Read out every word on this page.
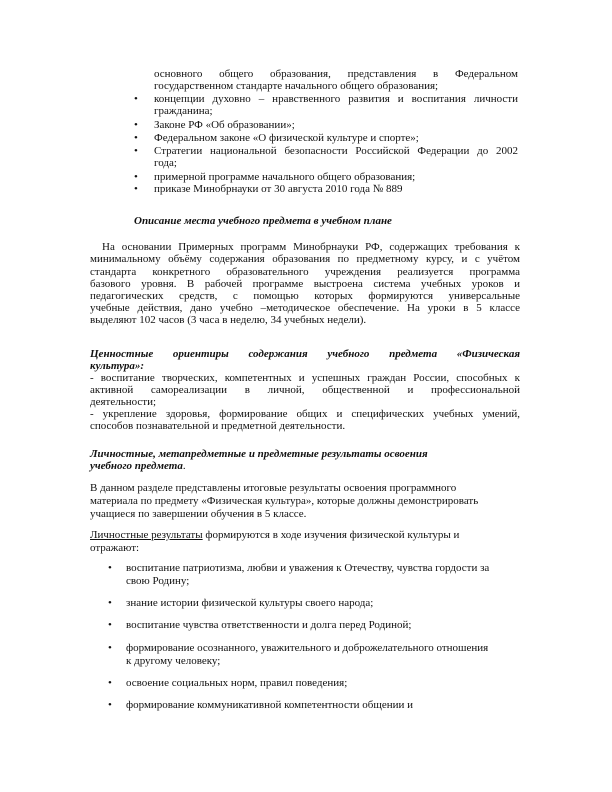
основного общего образования, представления в Федеральном
государственном стандарте начального общего образования;
• концепции духовно – нравственного развития и воспитания личности
гражданина;
• Законе РФ «Об образовании»;
• Федеральном законе «О физической культуре и спорте»;
• Стратегии национальной безопасности Российской Федерации до 2002
года;
• примерной программе начального общего образования;
• приказе Минобрнауки от 30 августа 2010 года № 889
Описание места учебного предмета в учебном плане
На основании Примерных программ Минобрнауки РФ, содержащих требования к
минимальному объёму содержания образования по предметному курсу, и с учётом
стандарта конкретного образовательного учреждения реализуется программа
базового уровня. В рабочей программе выстроена система учебных уроков и
педагогических средств, с помощью которых формируются универсальные
учебные действия, дано учебно –методическое обеспечение. На уроки в 5 классе
выделяют 102 часов (3 часа в неделю, 34 учебных недели).
Ценностные ориентиры содержания учебного предмета «Физическая
культура»:
- воспитание творческих, компетентных и успешных граждан России, способных к
активной самореализации в личной, общественной и профессиональной
деятельности;
- укрепление здоровья, формирование общих и специфических учебных умений,
способов познавательной и предметной деятельности.
Личностные, метапредметные и предметные результаты освоения
учебного предмета.
В данном разделе представлены итоговые результаты освоения программного
материала по предмету «Физическая культура», которые должны демонстрировать
учащиеся по завершении обучения в 5 классе.
Личностные результаты формируются в ходе изучения физической культуры и
отражают:
• воспитание патриотизма, любви и уважения к Отечеству, чувства гордости за
свою Родину;
• знание истории физической культуры своего народа;
• воспитание чувства ответственности и долга перед Родиной;
• формирование осознанного, уважительного и доброжелательного отношения
к другому человеку;
• освоение социальных норм, правил поведения;
• формирование коммуникативной компетентности общении и
